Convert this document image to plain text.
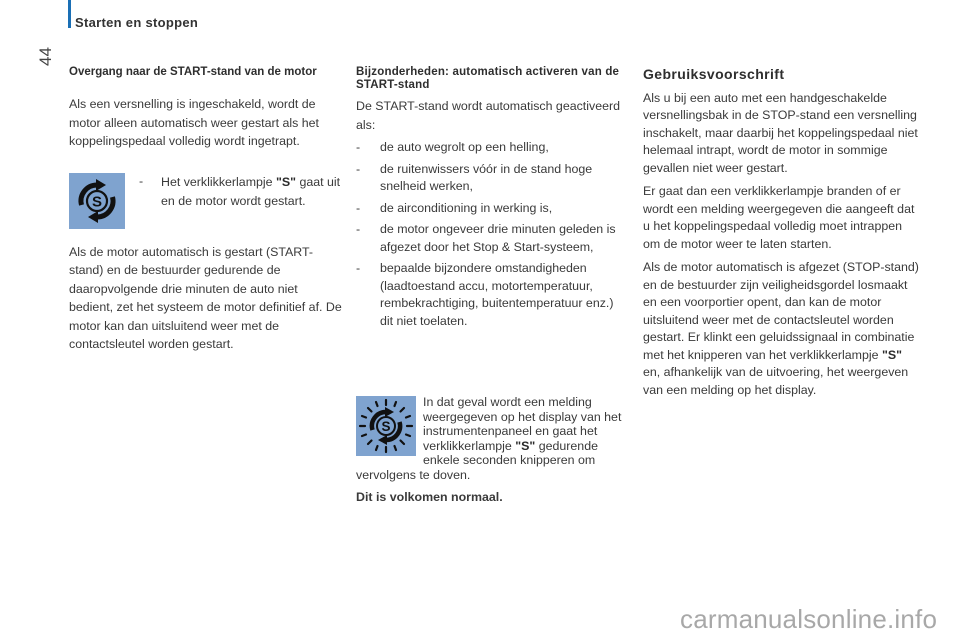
Starten en stoppen
44

Overgang naar de START-stand van de motor

Als een versnelling is ingeschakeld, wordt de motor alleen automatisch weer gestart als het koppelingspedaal volledig wordt ingetrapt.

S
-	Het verklikkerlampje "S" gaat uit en de motor wordt gestart.

Als de motor automatisch is gestart (START-stand) en de bestuurder gedurende de daaropvolgende drie minuten de auto niet bedient, zet het systeem de motor definitief af. De motor kan dan uitsluitend weer met de contactsleutel worden gestart.

Bijzonderheden: automatisch activeren van de START-stand

De START-stand wordt automatisch geactiveerd als:

-	de auto wegrolt op een helling,
-	de ruitenwissers vóór in de stand hoge snelheid werken,
-	de airconditioning in werking is,
-	de motor ongeveer drie minuten geleden is afgezet door het Stop & Start-systeem,
-	bepaalde bijzondere omstandigheden (laadtoestand accu, motortemperatuur, rembekrachtiging, buitentemperatuur enz.) dit niet toelaten.
S
In dat geval wordt een melding weergegeven op het display van het instrumentenpaneel en gaat het verklikkerlampje "S" gedurende enkele seconden knipperen om vervolgens te doven.
Dit is volkomen normaal.

Gebruiksvoorschrift

Als u bij een auto met een handgeschakelde versnellingsbak in de STOP-stand een versnelling inschakelt, maar daarbij het koppelingspedaal niet helemaal intrapt, wordt de motor in sommige gevallen niet weer gestart.

Er gaat dan een verklikkerlampje branden of er wordt een melding weergegeven die aangeeft dat u het koppelingspedaal volledig moet intrappen om de motor weer te laten starten.

Als de motor automatisch is afgezet (STOP-stand) en de bestuurder zijn veiligheidsgordel losmaakt en een voorportier opent, dan kan de motor uitsluitend weer met de contactsleutel worden gestart. Er klinkt een geluidssignaal in combinatie met het knipperen van het verklikkerlampje "S" en, afhankelijk van de uitvoering, het weergeven van een melding op het display.

carmanualsonline.info
